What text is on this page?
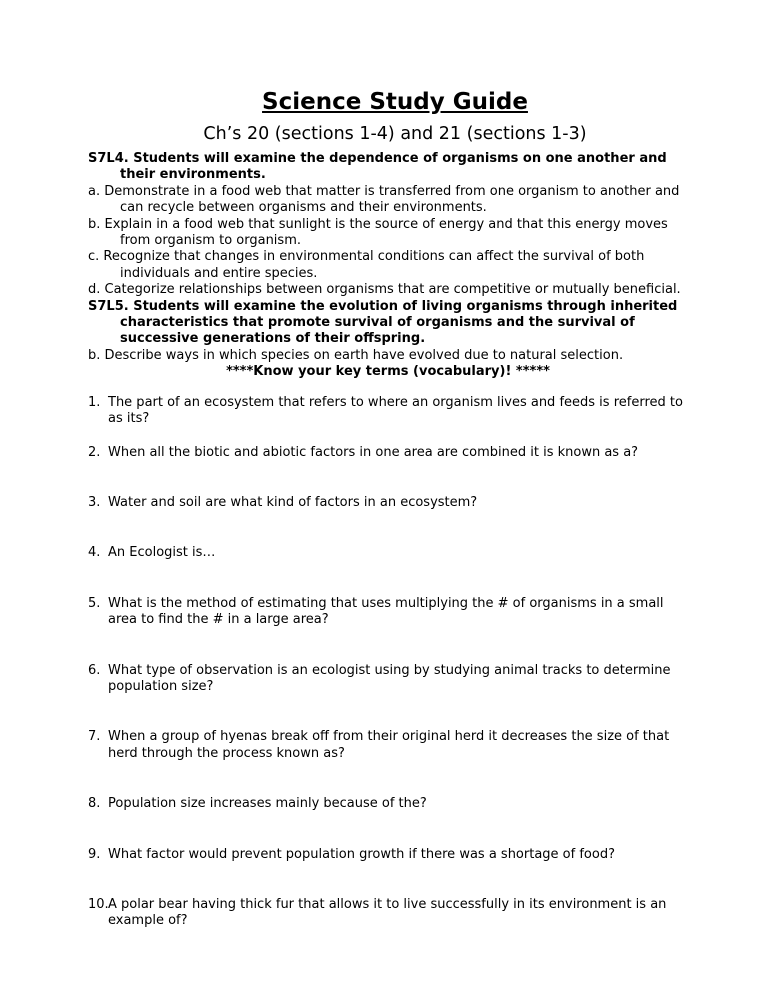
Science Study Guide
Ch’s 20 (sections 1-4) and 21 (sections 1-3)
S7L4. Students will examine the dependence of organisms on one another and their environments.
a. Demonstrate in a food web that matter is transferred from one organism to another and can recycle between organisms and their environments.
b. Explain in a food web that sunlight is the source of energy and that this energy moves from organism to organism.
c. Recognize that changes in environmental conditions can affect the survival of both individuals and entire species.
d. Categorize relationships between organisms that are competitive or mutually beneficial.
S7L5. Students will examine the evolution of living organisms through inherited characteristics that promote survival of organisms and the survival of successive generations of their offspring.
b. Describe ways in which species on earth have evolved due to natural selection.
****Know your key terms (vocabulary)! *****
1. The part of an ecosystem that refers to where an organism lives and feeds is referred to as its?
2. When all the biotic and abiotic factors in one area are combined it is known as a?
3. Water and soil are what kind of factors in an ecosystem?
4. An Ecologist is…
5. What is the method of estimating that uses multiplying the # of organisms in a small area to find the # in a large area?
6. What type of observation is an ecologist using by studying animal tracks to determine population size?
7. When a group of hyenas break off from their original herd it decreases the size of that herd through the process known as?
8. Population size increases mainly because of the?
9. What factor would prevent population growth if there was a shortage of food?
10. A polar bear having thick fur that allows it to live successfully in its environment is an example of?
